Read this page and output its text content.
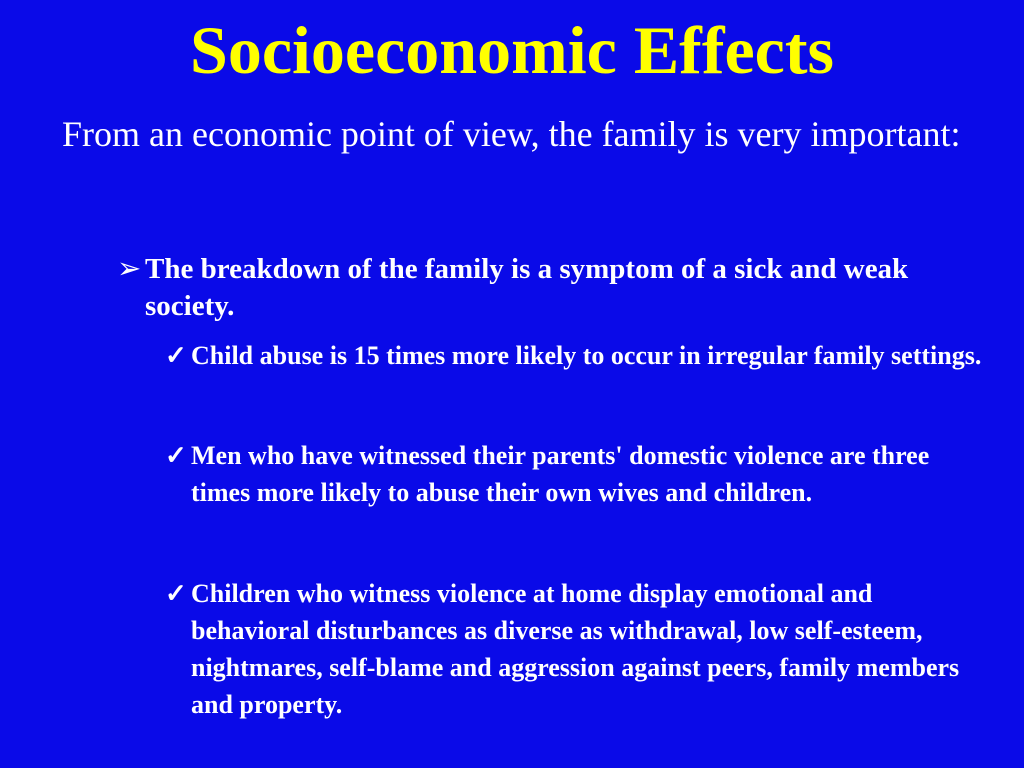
Socioeconomic Effects
From an economic point of view, the family is very important:
➢ The breakdown of the family is a symptom of a sick and weak society.
✓ Child abuse is 15 times more likely to occur in irregular family settings.
✓ Men who have witnessed their parents' domestic violence are three times more likely to abuse their own wives and children.
✓ Children who witness violence at home display emotional and behavioral disturbances as diverse as withdrawal, low self-esteem, nightmares, self-blame and aggression against peers, family members and property.
